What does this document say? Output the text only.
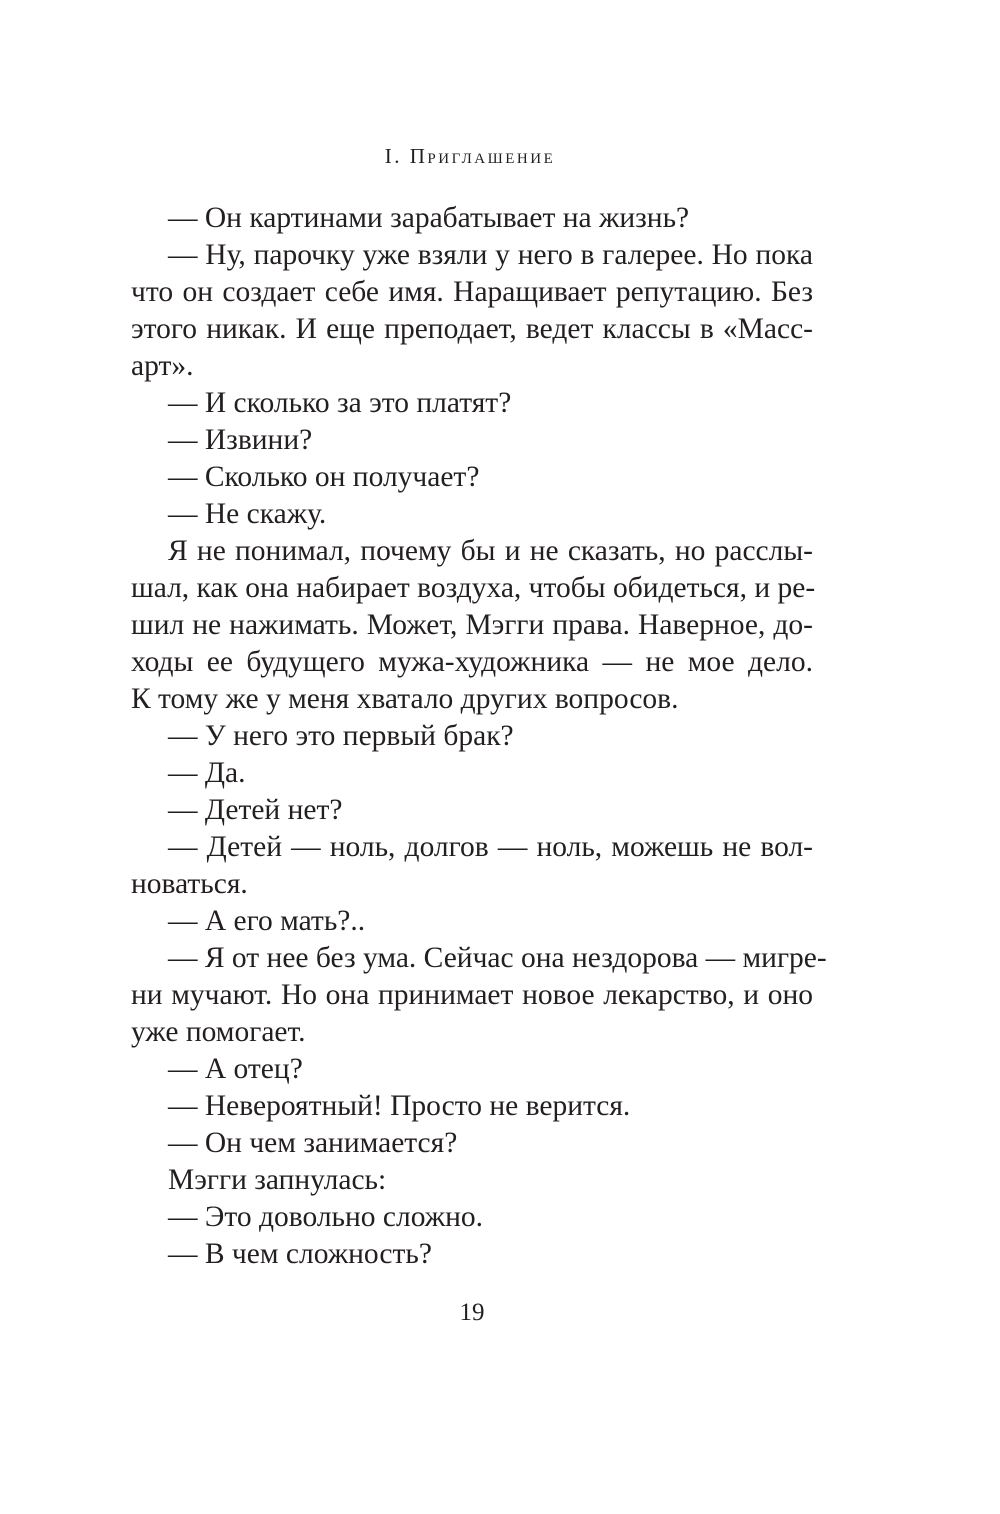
I. Приглашение
— Он картинами зарабатывает на жизнь?
— Ну, парочку уже взяли у него в галерее. Но пока
что он создает себе имя. Наращивает репутацию. Без
этого никак. И еще преподает, ведет классы в «Масс-
арт».
— И сколько за это платят?
— Извини?
— Сколько он получает?
— Не скажу.
Я не понимал, почему бы и не сказать, но расслы-
шал, как она набирает воздуха, чтобы обидеться, и ре-
шил не нажимать. Может, Мэгги права. Наверное, до-
ходы ее будущего мужа-художника — не мое дело.
К тому же у меня хватало других вопросов.
— У него это первый брак?
— Да.
— Детей нет?
— Детей — ноль, долгов — ноль, можешь не вол-
новаться.
— А его мать?..
— Я от нее без ума. Сейчас она нездорова — мигре-
ни мучают. Но она принимает новое лекарство, и оно
уже помогает.
— А отец?
— Невероятный! Просто не верится.
— Он чем занимается?
Мэгги запнулась:
— Это довольно сложно.
— В чем сложность?
19
